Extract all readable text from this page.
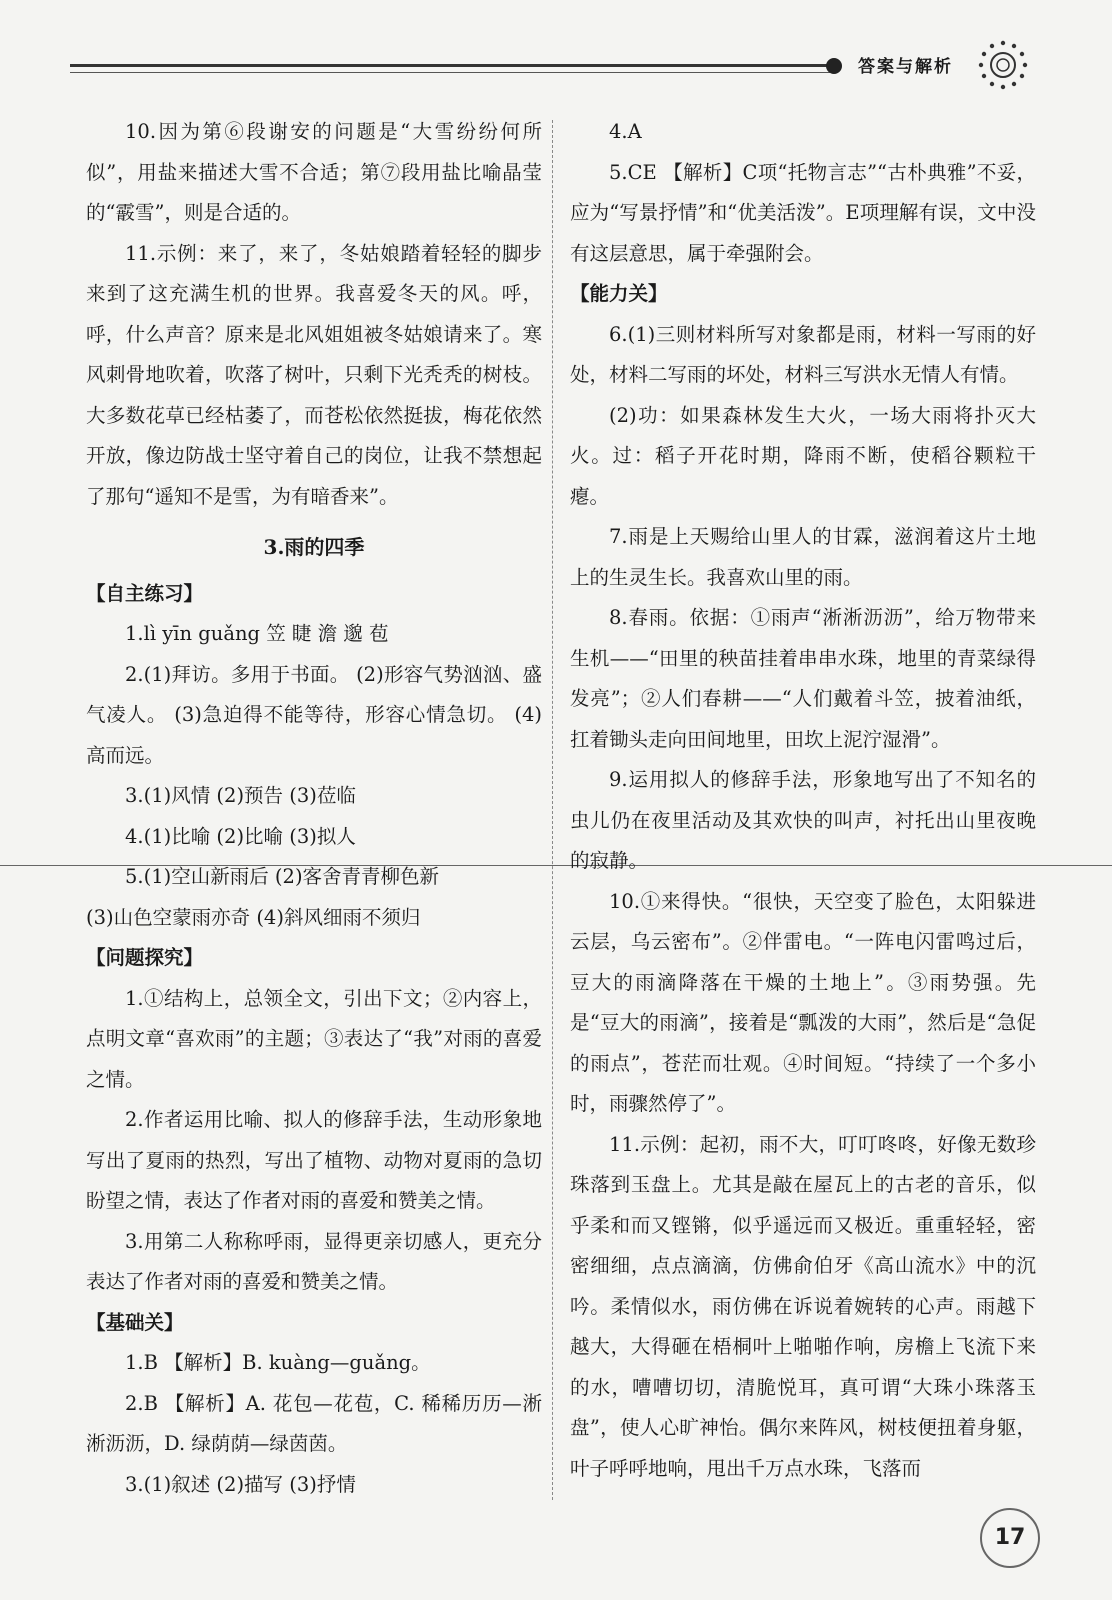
答案与解析

10.因为第⑥段谢安的问题是“大雪纷纷何所似”，用盐来描述大雪不合适；第⑦段用盐比喻晶莹的“霰雪”，则是合适的。

11.示例：来了，来了，冬姑娘踏着轻轻的脚步来到了这充满生机的世界。我喜爱冬天的风。呼，呼，什么声音？原来是北风姐姐被冬姑娘请来了。寒风刺骨地吹着，吹落了树叶，只剩下光秃秃的树枝。大多数花草已经枯萎了，而苍松依然挺拔，梅花依然开放，像边防战士坚守着自己的岗位，让我不禁想起了那句“遥知不是雪，为有暗香来”。

3.雨的四季

【自主练习】

1.lì yīn guǎng 笠 睫 澹 邈 苞

2.(1)拜访。多用于书面。 (2)形容气势汹汹、盛气凌人。 (3)急迫得不能等待，形容心情急切。 (4)高而远。

3.(1)风情 (2)预告 (3)莅临

4.(1)比喻 (2)比喻 (3)拟人

5.(1)空山新雨后 (2)客舍青青柳色新

(3)山色空蒙雨亦奇 (4)斜风细雨不须归

【问题探究】

1.①结构上，总领全文，引出下文；②内容上，点明文章“喜欢雨”的主题；③表达了“我”对雨的喜爱之情。

2.作者运用比喻、拟人的修辞手法，生动形象地写出了夏雨的热烈，写出了植物、动物对夏雨的急切盼望之情，表达了作者对雨的喜爱和赞美之情。

3.用第二人称称呼雨，显得更亲切感人，更充分表达了作者对雨的喜爱和赞美之情。

【基础关】

1.B 【解析】B. kuàng—guǎng。

2.B 【解析】A. 花包—花苞，C. 稀稀历历—淅淅沥沥，D. 绿荫荫—绿茵茵。

3.(1)叙述 (2)描写 (3)抒情

4.A

5.CE 【解析】C项“托物言志”“古朴典雅”不妥，应为“写景抒情”和“优美活泼”。E项理解有误，文中没有这层意思，属于牵强附会。

【能力关】

6.(1)三则材料所写对象都是雨，材料一写雨的好处，材料二写雨的坏处，材料三写洪水无情人有情。

(2)功：如果森林发生大火，一场大雨将扑灭大火。过：稻子开花时期，降雨不断，使稻谷颗粒干瘪。

7.雨是上天赐给山里人的甘霖，滋润着这片土地上的生灵生长。我喜欢山里的雨。

8.春雨。依据：①雨声“淅淅沥沥”，给万物带来生机——“田里的秧苗挂着串串水珠，地里的青菜绿得发亮”；②人们春耕——“人们戴着斗笠，披着油纸，扛着锄头走向田间地里，田坎上泥泞湿滑”。

9.运用拟人的修辞手法，形象地写出了不知名的虫儿仍在夜里活动及其欢快的叫声，衬托出山里夜晚的寂静。

10.①来得快。“很快，天空变了脸色，太阳躲进云层，乌云密布”。②伴雷电。“一阵电闪雷鸣过后，豆大的雨滴降落在干燥的土地上”。③雨势强。先是“豆大的雨滴”，接着是“瓢泼的大雨”，然后是“急促的雨点”，苍茫而壮观。④时间短。“持续了一个多小时，雨骤然停了”。

11.示例：起初，雨不大，叮叮咚咚，好像无数珍珠落到玉盘上。尤其是敲在屋瓦上的古老的音乐，似乎柔和而又铿锵，似乎遥远而又极近。重重轻轻，密密细细，点点滴滴，仿佛俞伯牙《高山流水》中的沉吟。柔情似水，雨仿佛在诉说着婉转的心声。雨越下越大，大得砸在梧桐叶上啪啪作响，房檐上飞流下来的水，嘈嘈切切，清脆悦耳，真可谓“大珠小珠落玉盘”，使人心旷神怡。偶尔来阵风，树枝便扭着身躯，叶子呼呼地响，甩出千万点水珠，飞落而

17
